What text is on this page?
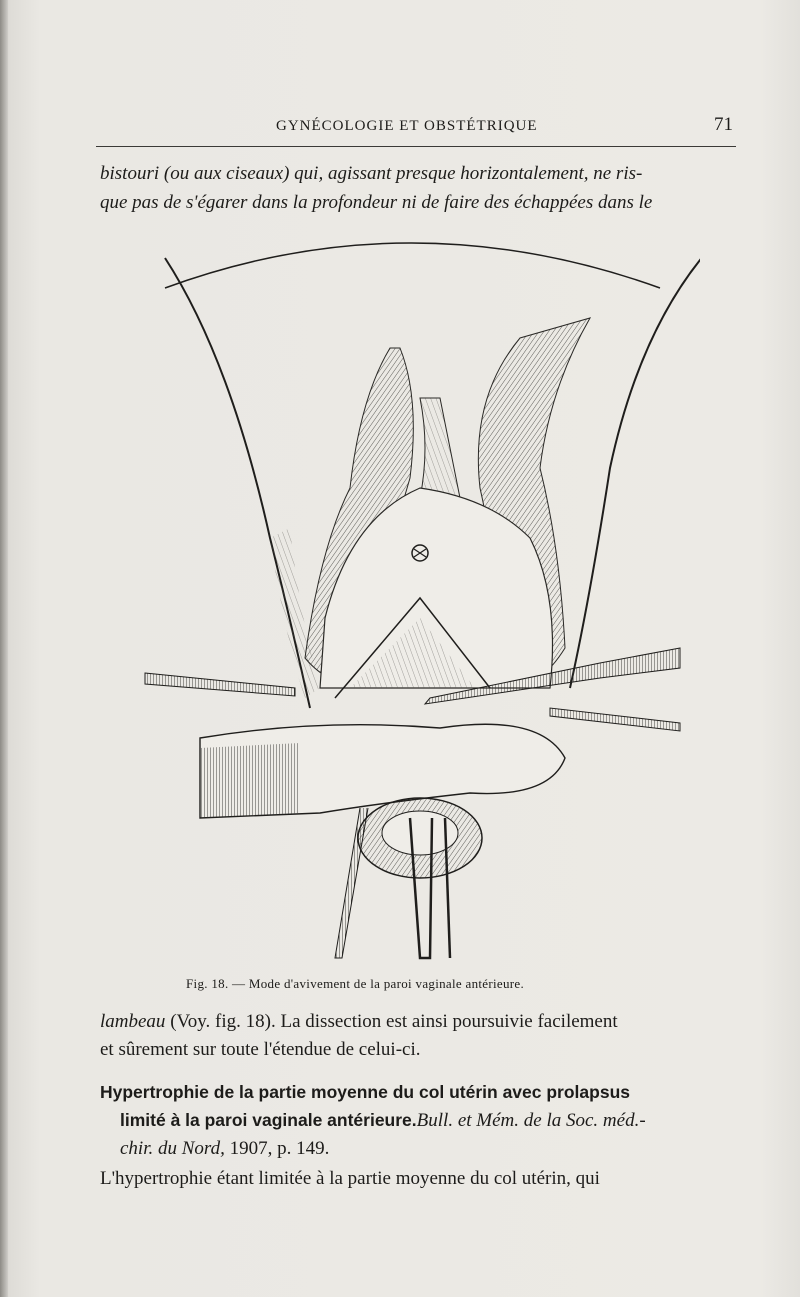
GYNÉCOLOGIE ET OBSTÉTRIQUE	71
bistouri (ou aux ciseaux) qui, agissant presque horizontalement, ne ris-
que pas de s'égarer dans la profondeur ni de faire des échappées dans le
Fig. 18. — Mode d'avivement de la paroi vaginale antérieure.
lambeau (Voy. fig. 18). La dissection est ainsi poursuivie facilement
et sûrement sur toute l'étendue de celui-ci.
Hypertrophie de la partie moyenne du col utérin avec prolapsus
limité à la paroi vaginale antérieure.Bull. et Mém. de la Soc. méd.-
chir. du Nord, 1907, p. 149.
L'hypertrophie étant limitée à la partie moyenne du col utérin, qui
